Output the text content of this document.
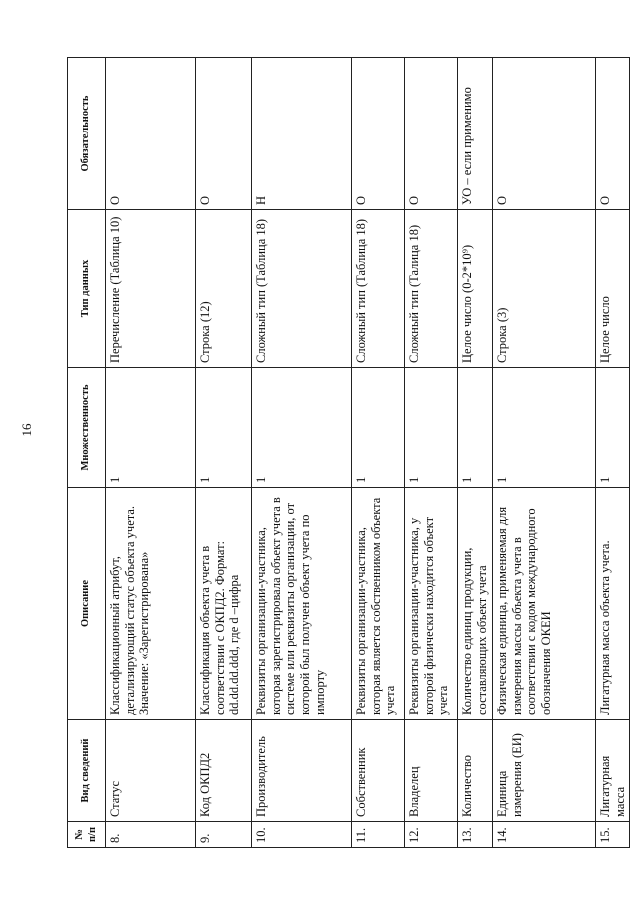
16
№ п/п	Вид сведений	Описание	Множественность	Тип данных	Обязательность
8.	Статус	Классификационный атрибут, детализирующий статус объекта учета. Значение: «Зарегистрирована»	1	Перечисление (Таблица 10)	О
9.	Код ОКПД2	Классификация объекта учета в соответствии с ОКПД2. Формат: dd.dd.dd.ddd, где d –цифра	1	Строка (12)	О
10.	Производитель	Реквизиты организации-участника, которая зарегистрировала объект учета в системе или реквизиты организации, от которой был получен объект учета по импорту	1	Сложный тип (Таблица 18)	Н
11.	Собственник	Реквизиты организации-участника, которая является собственником объекта учета	1	Сложный тип (Таблица 18)	О
12.	Владелец	Реквизиты организации-участника, у которой физически находится объект учета	1	Сложный тип (Талица 18)	О
13.	Количество	Количество единиц продукции, составляющих объект учета	1	Целое число (0-2*10⁹)	УО – если применимо
14.	Единица измерения (ЕИ)	Физическая единица, применяемая для измерения массы объекта учета в соответствии с кодом международного обозначения ОКЕИ	1	Строка (3)	О
15.	Лигатурная масса	Лигатурная масса объекта учета.	1	Целое число	О
